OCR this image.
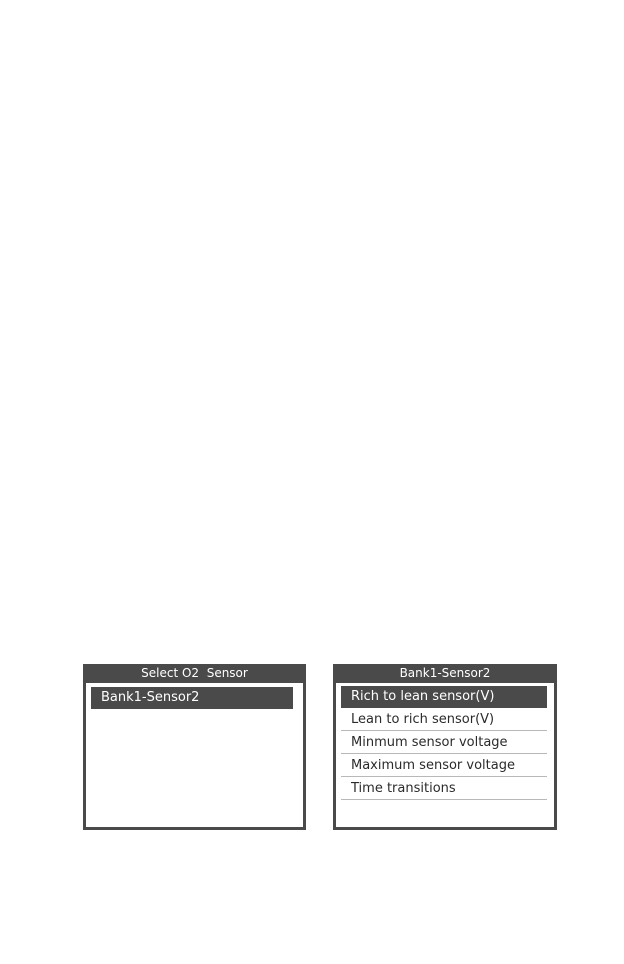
Select O2  Sensor
Bank1-Sensor2
Bank1-Sensor2
Rich to lean sensor(V)
Lean to rich sensor(V)
Minmum sensor voltage
Maximum sensor voltage
Time transitions
